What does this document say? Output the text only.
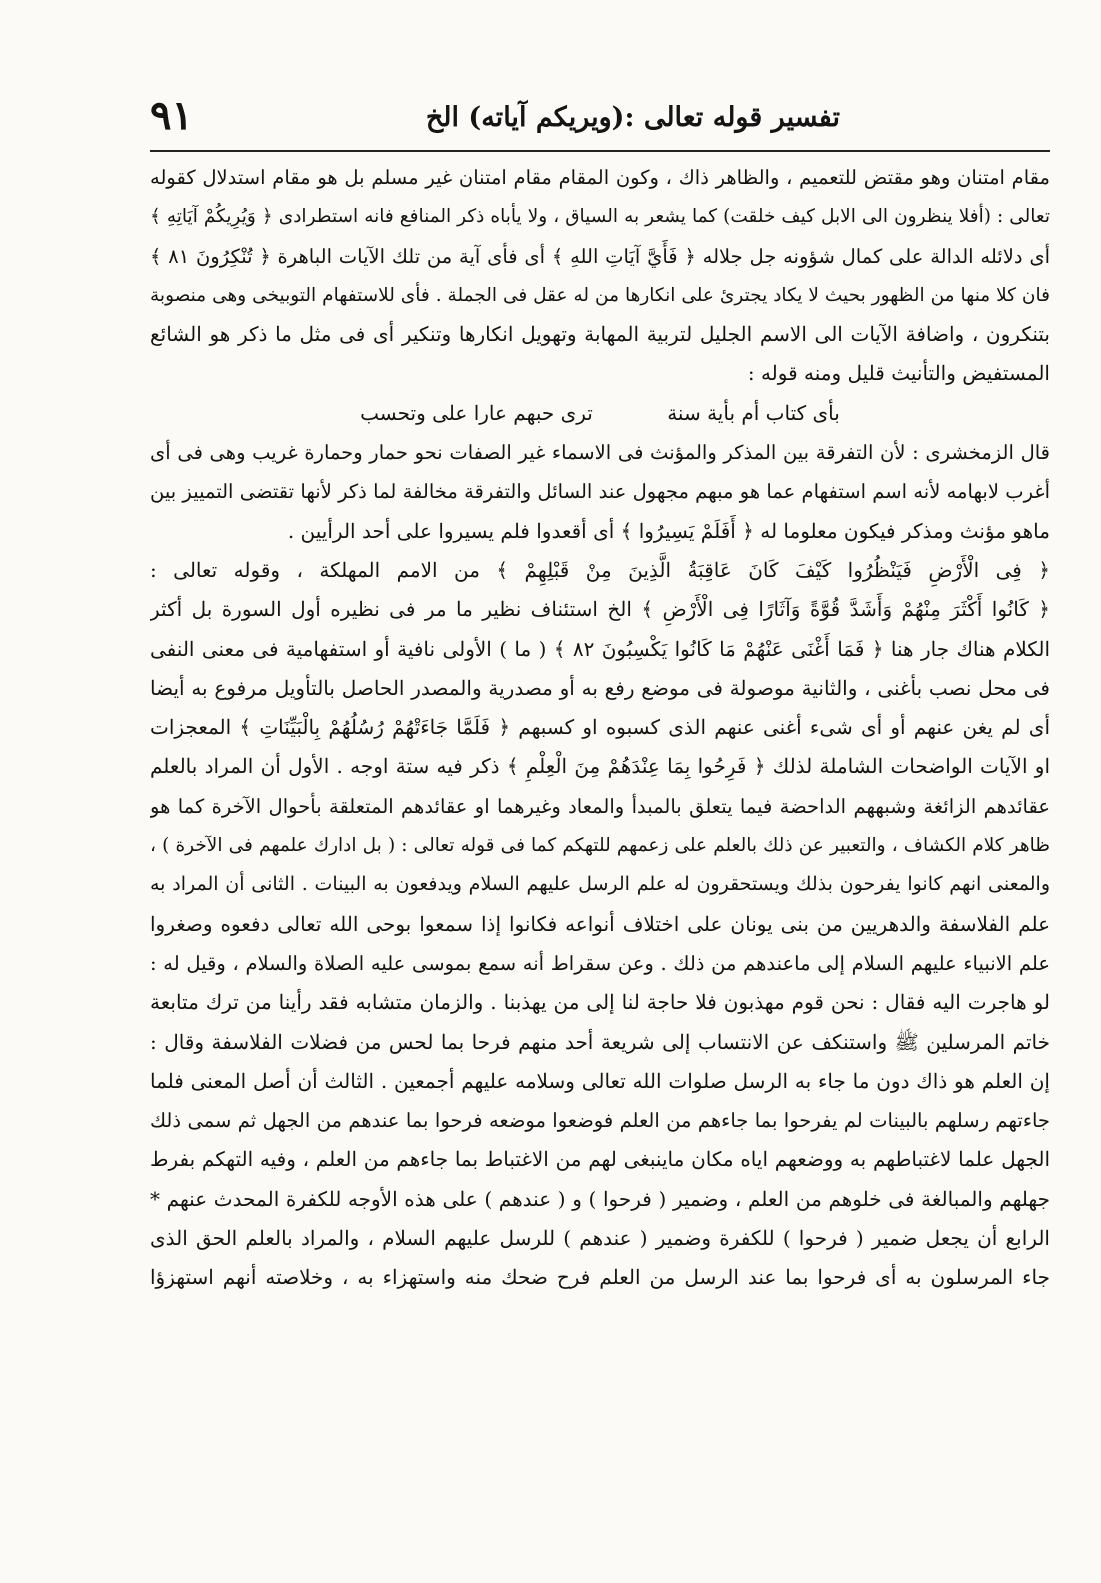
تفسير قوله تعالى :(ويريكم آياته) الخ
٩١
مقام امتنان وهو مقتض للتعميم ، والظاهر ذاك ، وكون المقام مقام امتنان غير مسلم بل هو مقام استدلال كقوله
تعالى : (أفلا ينظرون الى الابل كيف خلقت) كما يشعر به السياق ، ولا يأباه ذكر المنافع فانه استطرادى ﴿ وَيُرِيكُمْ آيَاتِهِ ﴾
أى دلائله الدالة على كمال شؤونه جل جلاله ﴿ فَأَيَّ آيَاتِ اللهِ ﴾ أى فأى آية من تلك الآيات الباهرة ﴿ تُنْكِرُونَ ٨١ ﴾
فان كلا منها من الظهور بحيث لا يكاد يجترئ على انكارها من له عقل فى الجملة . فأى للاستفهام التوبيخى وهى منصوبة
بتنكرون ، واضافة الآيات الى الاسم الجليل لتربية المهابة وتهويل انكارها وتنكير أى فى مثل ما ذكر هو الشائع
المستفيض والتأنيث قليل ومنه قوله :
بأى كتاب أم بأية سنة ترى حبهم عارا على وتحسب
قال الزمخشرى : لأن التفرقة بين المذكر والمؤنث فى الاسماء غير الصفات نحو حمار وحمارة غريب وهى فى أى
أغرب لابهامه لأنه اسم استفهام عما هو مبهم مجهول عند السائل والتفرقة مخالفة لما ذكر لأنها تقتضى التمييز بين
ماهو مؤنث ومذكر فيكون معلوما له ﴿ أَفَلَمْ يَسِيرُوا ﴾ أى أقعدوا فلم يسيروا على أحد الرأيين .
﴿ فِى الْأَرْضِ فَيَنْظُرُوا كَيْفَ كَانَ عَاقِبَةُ الَّذِينَ مِنْ قَبْلِهِمْ ﴾ من الامم المهلكة ، وقوله تعالى :
﴿ كَانُوا أَكْثَرَ مِنْهُمْ وَأَشَدَّ قُوَّةً وَآثَارًا فِى الْأَرْضِ ﴾ الخ استئناف نظير ما مر فى نظيره أول السورة بل أكثر
الكلام هناك جار هنا ﴿ فَمَا أَغْنَى عَنْهُمْ مَا كَانُوا يَكْسِبُونَ ٨٢ ﴾ ( ما ) الأولى نافية أو استفهامية فى معنى النفى
فى محل نصب بأغنى ، والثانية موصولة فى موضع رفع به أو مصدرية والمصدر الحاصل بالتأويل مرفوع به أيضا
أى لم يغن عنهم أو أى شىء أغنى عنهم الذى كسبوه او كسبهم ﴿ فَلَمَّا جَاءَتْهُمْ رُسُلُهُمْ بِالْبَيِّنَاتِ ﴾ المعجزات
او الآيات الواضحات الشاملة لذلك ﴿ فَرِحُوا بِمَا عِنْدَهُمْ مِنَ الْعِلْمِ ﴾ ذكر فيه ستة اوجه . الأول أن المراد بالعلم
عقائدهم الزائغة وشبههم الداحضة فيما يتعلق بالمبدأ والمعاد وغيرهما او عقائدهم المتعلقة بأحوال الآخرة كما هو
ظاهر كلام الكشاف ، والتعبير عن ذلك بالعلم على زعمهم للتهكم كما فى قوله تعالى : ( بل ادارك علمهم فى الآخرة ) ،
والمعنى انهم كانوا يفرحون بذلك ويستحقرون له علم الرسل عليهم السلام ويدفعون به البينات . الثانى أن المراد به
علم الفلاسفة والدهريين من بنى يونان على اختلاف أنواعه فكانوا إذا سمعوا بوحى الله تعالى دفعوه وصغروا
علم الانبياء عليهم السلام إلى ماعندهم من ذلك . وعن سقراط أنه سمع بموسى عليه الصلاة والسلام ، وقيل له :
لو هاجرت اليه فقال : نحن قوم مهذبون فلا حاجة لنا إلى من يهذبنا . والزمان متشابه فقد رأينا من ترك متابعة
خاتم المرسلين ﷺ واستنكف عن الانتساب إلى شريعة أحد منهم فرحا بما لحس من فضلات الفلاسفة وقال :
إن العلم هو ذاك دون ما جاء به الرسل صلوات الله تعالى وسلامه عليهم أجمعين . الثالث أن أصل المعنى فلما
جاءتهم رسلهم بالبينات لم يفرحوا بما جاءهم من العلم فوضعوا موضعه فرحوا بما عندهم من الجهل ثم سمى ذلك
الجهل علما لاغتباطهم به ووضعهم اياه مكان ماينبغى لهم من الاغتباط بما جاءهم من العلم ، وفيه التهكم بفرط
جهلهم والمبالغة فى خلوهم من العلم ، وضمير ( فرحوا ) و ( عندهم ) على هذه الأوجه للكفرة المحدث عنهم *
الرابع أن يجعل ضمير ( فرحوا ) للكفرة وضمير ( عندهم ) للرسل عليهم السلام ، والمراد بالعلم الحق الذى
جاء المرسلون به أى فرحوا بما عند الرسل من العلم فرح ضحك منه واستهزاء به ، وخلاصته أنهم استهزؤا
